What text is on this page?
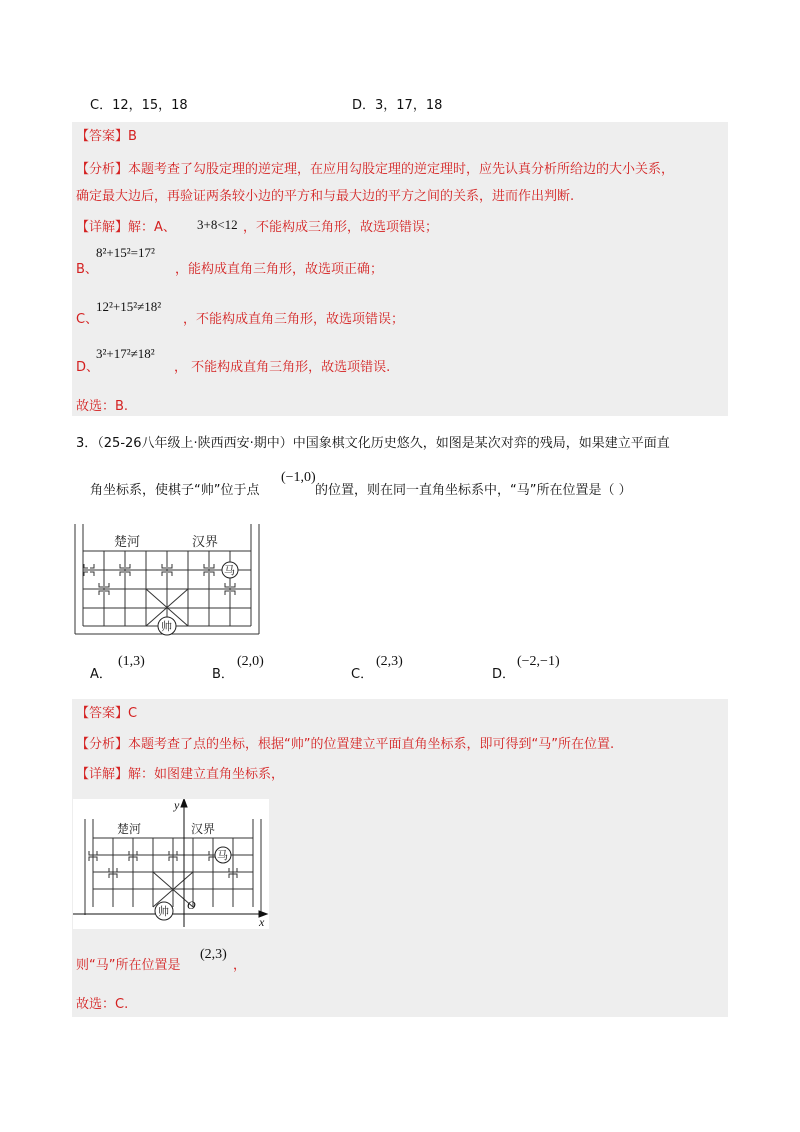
C．12，15，18	D．3，17，18
【答案】B
【分析】本题考查了勾股定理的逆定理，在应用勾股定理的逆定理时，应先认真分析所给边的大小关系，
确定最大边后，再验证两条较小边的平方和与最大边的平方之间的关系，进而作出判断.
【详解】解：A、 3+8<12 ，不能构成三角形，故选项错误；
8²+15²=17²
B、	，能构成直角三角形，故选项正确；
12²+15²≠18²
C、	，不能构成直角三角形，故选项错误；
3²+17²≠18²
D、	， 不能构成直角三角形，故选项错误.
故选：B.
3．（25-26八年级上·陕西西安·期中）中国象棋文化历史悠久，如图是某次对弈的残局，如果建立平面直
角坐标系，使棋子“帅”位于点
(−1,0)
的位置，则在同一直角坐标系中，“马”所在位置是（ ）
楚河	汉界
马
帅
A．
(1,3)
B．
(2,0)
C．
(2,3)
D．
(−2,−1)
【答案】C
【分析】本题考查了点的坐标，根据“帅”的位置建立平面直角坐标系，即可得到“马”所在位置.
【详解】解：如图建立直角坐标系，
y
x
O
楚河	汉界
马
帅
则“马”所在位置是
(2,3)
，
故选：C.
